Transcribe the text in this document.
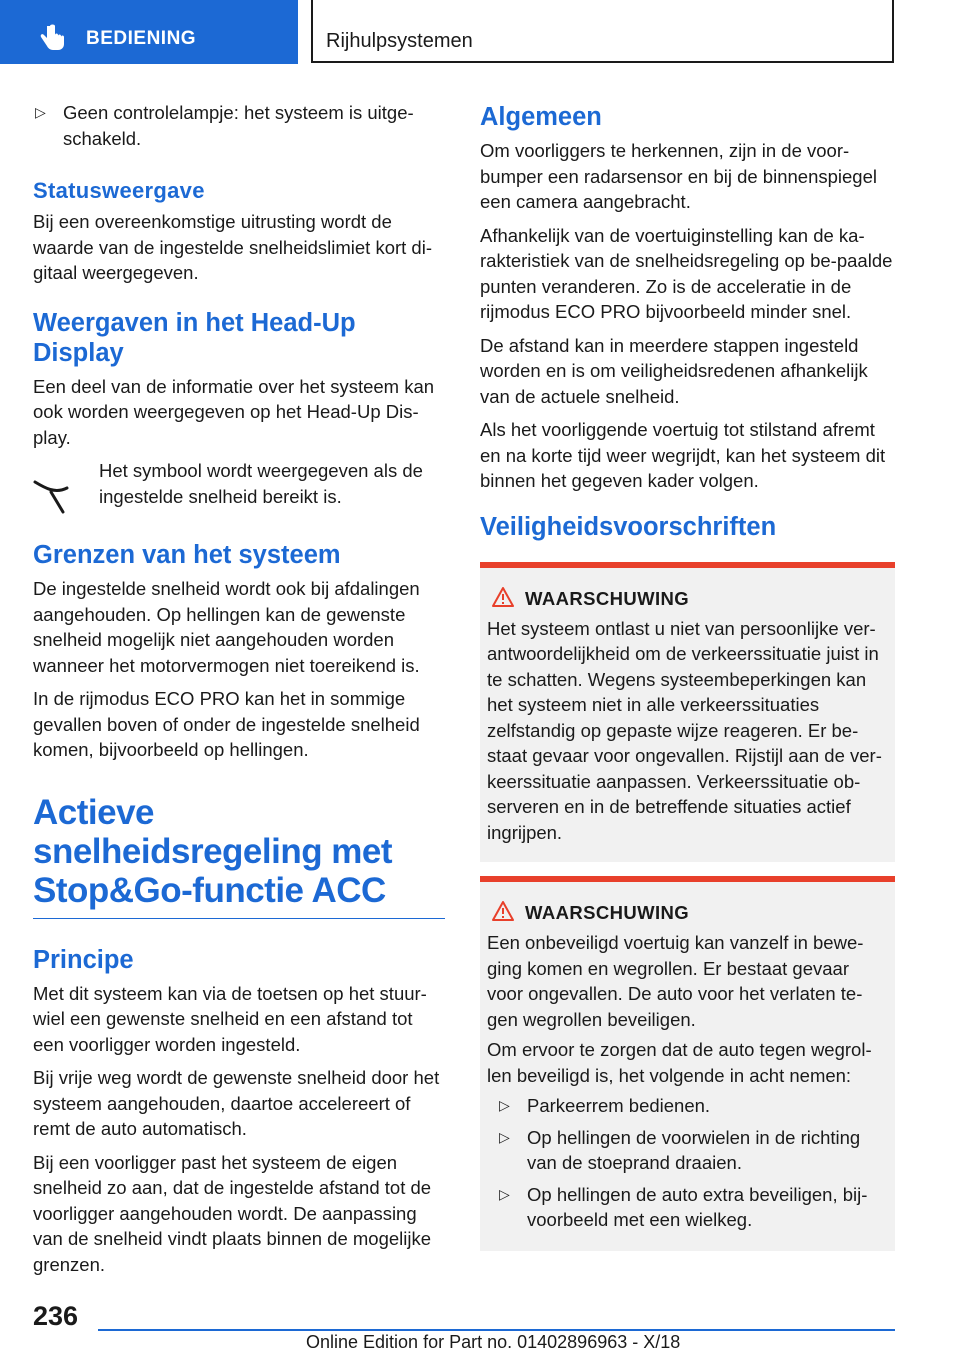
BEDIENING	Rijhulpsystemen
▷ Geen controlelampje: het systeem is uitge-schakeld.
Statusweergave

Bij een overeenkomstige uitrusting wordt de waarde van de ingestelde snelheidslimiet kort di-gitaal weergegeven.

Weergaven in het Head-Up Display

Een deel van de informatie over het systeem kan ook worden weergegeven op het Head-Up Dis-play.

Het symbool wordt weergegeven als de ingestelde snelheid bereikt is.

Grenzen van het systeem

De ingestelde snelheid wordt ook bij afdalingen aangehouden. Op hellingen kan de gewenste snelheid mogelijk niet aangehouden worden wanneer het motorvermogen niet toereikend is.

In de rijmodus ECO PRO kan het in sommige gevallen boven of onder de ingestelde snelheid komen, bijvoorbeeld op hellingen.

Actieve snelheidsregeling met Stop&Go-functie ACC
Principe

Met dit systeem kan via de toetsen op het stuur-wiel een gewenste snelheid en een afstand tot een voorligger worden ingesteld.

Bij vrije weg wordt de gewenste snelheid door het systeem aangehouden, daartoe accelereert of remt de auto automatisch.

Bij een voorligger past het systeem de eigen snelheid zo aan, dat de ingestelde afstand tot de voorligger aangehouden wordt. De aanpassing van de snelheid vindt plaats binnen de mogelijke grenzen.

Algemeen

Om voorliggers te herkennen, zijn in de voor-bumper een radarsensor en bij de binnenspiegel een camera aangebracht.

Afhankelijk van de voertuiginstelling kan de ka-rakteristiek van de snelheidsregeling op be-paalde punten veranderen. Zo is de acceleratie in de rijmodus ECO PRO bijvoorbeeld minder snel.

De afstand kan in meerdere stappen ingesteld worden en is om veiligheidsredenen afhankelijk van de actuele snelheid.

Als het voorliggende voertuig tot stilstand afremt en na korte tijd weer wegrijdt, kan het systeem dit binnen het gegeven kader volgen.

Veiligheidsvoorschriften
WAARSCHUWING

Het systeem ontlast u niet van persoonlijke ver-antwoordelijkheid om de verkeerssituatie juist in te schatten. Wegens systeembeperkingen kan het systeem niet in alle verkeerssituaties zelfstandig op gepaste wijze reageren. Er be-staat gevaar voor ongevallen. Rijstijl aan de ver-keerssituatie aanpassen. Verkeerssituatie ob-serveren en in de betreffende situaties actief ingrijpen.

WAARSCHUWING

Een onbeveiligd voertuig kan vanzelf in bewe-ging komen en wegrollen. Er bestaat gevaar voor ongevallen. De auto voor het verlaten te-gen wegrollen beveiligen.

Om ervoor te zorgen dat de auto tegen wegrol-len beveiligd is, het volgende in acht nemen:

▷ Parkeerrem bedienen.
▷ Op hellingen de voorwielen in de richting van de stoeprand draaien.
▷ Op hellingen de auto extra beveiligen, bij-voorbeeld met een wielkeg.
236
Online Edition for Part no. 01402896963 - X/18
